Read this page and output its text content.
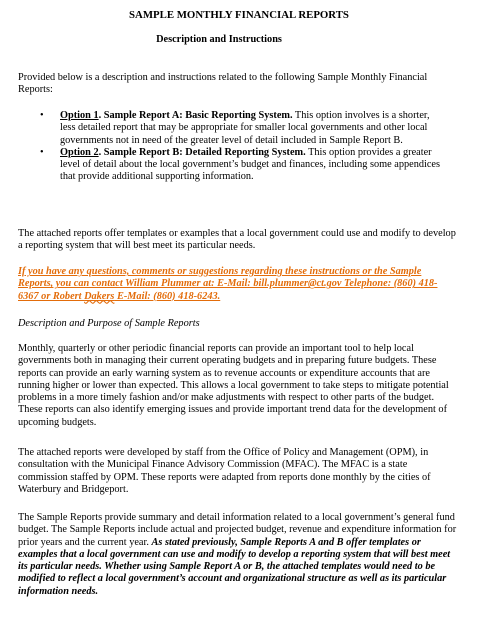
SAMPLE MONTHLY FINANCIAL REPORTS
Description and Instructions

Provided below is a description and instructions related to the following Sample Monthly Financial Reports:

• Option 1. Sample Report A: Basic Reporting System. This option involves is a shorter, less detailed report that may be appropriate for smaller local governments and other local governments not in need of the greater level of detail included in Sample Report B.
• Option 2. Sample Report B: Detailed Reporting System. This option provides a greater level of detail about the local government’s budget and finances, including some appendices that provide additional supporting information.

The attached reports offer templates or examples that a local government could use and modify to develop a reporting system that will best meet its particular needs.

If you have any questions, comments or suggestions regarding these instructions or the Sample Reports, you can contact William Plummer at: E-Mail: bill.plummer@ct.gov Telephone: (860) 418-6367 or Robert Dakers E-Mail: (860) 418-6243.

Description and Purpose of Sample Reports

Monthly, quarterly or other periodic financial reports can provide an important tool to help local governments both in managing their current operating budgets and in preparing future budgets. These reports can provide an early warning system as to revenue accounts or expenditure accounts that are running higher or lower than expected. This allows a local government to take steps to mitigate potential problems in a more timely fashion and/or make adjustments with respect to other parts of the budget. These reports can also identify emerging issues and provide important trend data for the development of upcoming budgets.

The attached reports were developed by staff from the Office of Policy and Management (OPM), in consultation with the Municipal Finance Advisory Commission (MFAC). The MFAC is a state commission staffed by OPM. These reports were adapted from reports done monthly by the cities of Waterbury and Bridgeport.

The Sample Reports provide summary and detail information related to a local government’s general fund budget. The Sample Reports include actual and projected budget, revenue and expenditure information for prior years and the current year. As stated previously, Sample Reports A and B offer templates or examples that a local government can use and modify to develop a reporting system that will best meet its particular needs. Whether using Sample Report A or B, the attached templates would need to be modified to reflect a local government’s account and organizational structure as well as its particular information needs.
